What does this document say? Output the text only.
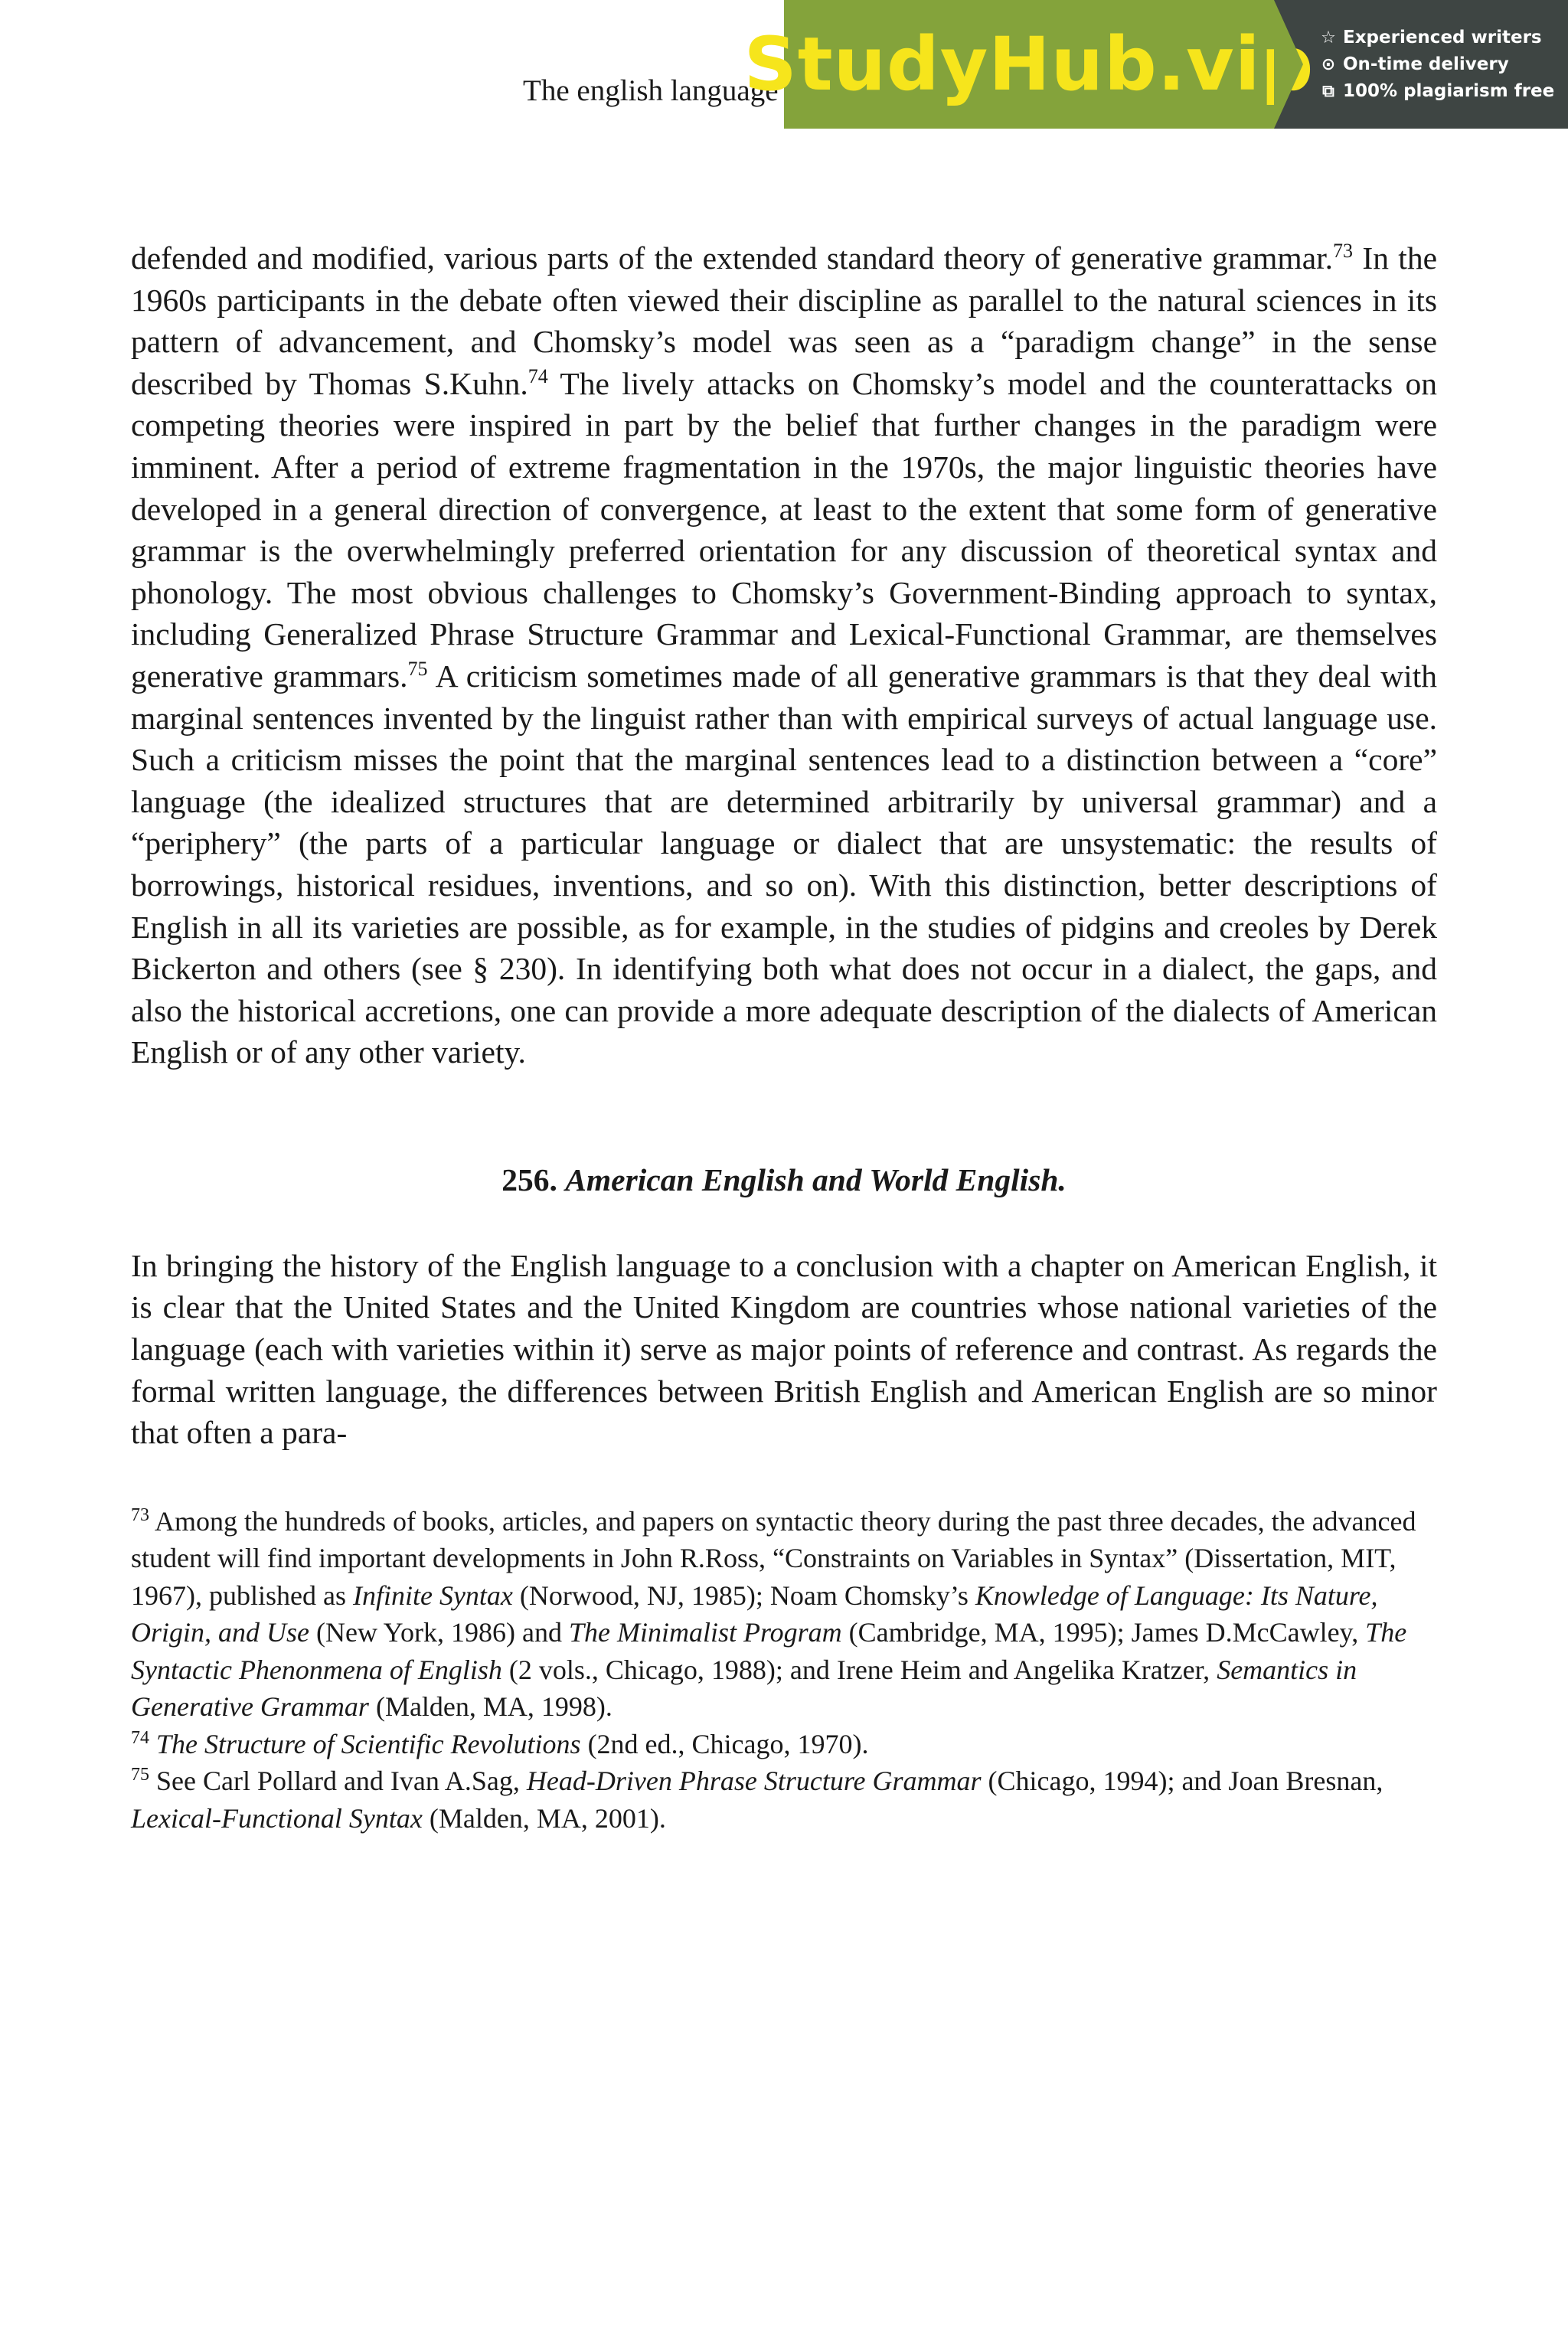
The english language
StudyHub.vip ☆ Experienced writers
⊙ On-time delivery
⧉ 100% plagiarism free

defended and modified, various parts of the extended standard theory of generative grammar.$^{73}$ In the 1960s participants in the debate often viewed their discipline as parallel to the natural sciences in its pattern of advancement, and Chomsky’s model was seen as a “paradigm change” in the sense described by Thomas S.Kuhn.$^{74}$ The lively attacks on Chomsky’s model and the counterattacks on competing theories were inspired in part by the belief that further changes in the paradigm were imminent. After a period of extreme fragmentation in the 1970s, the major linguistic theories have developed in a general direction of convergence, at least to the extent that some form of generative grammar is the overwhelmingly preferred orientation for any discussion of theoretical syntax and phonology. The most obvious challenges to Chomsky’s Government-Binding approach to syntax, including Generalized Phrase Structure Grammar and Lexical-Functional Grammar, are themselves generative grammars.$^{75}$ A criticism sometimes made of all generative grammars is that they deal with marginal sentences invented by the linguist rather than with empirical surveys of actual language use. Such a criticism misses the point that the marginal sentences lead to a distinction between a “core” language (the idealized structures that are determined arbitrarily by universal grammar) and a “periphery” (the parts of a particular language or dialect that are unsystematic: the results of borrowings, historical residues, inventions, and so on). With this distinction, better descriptions of English in all its varieties are possible, as for example, in the studies of pidgins and creoles by Derek Bickerton and others (see § 230). In identifying both what does not occur in a dialect, the gaps, and also the historical accretions, one can provide a more adequate description of the dialects of American English or of any other variety.

256. American English and World English.

In bringing the history of the English language to a conclusion with a chapter on American English, it is clear that the United States and the United Kingdom are countries whose national varieties of the language (each with varieties within it) serve as major points of reference and contrast. As regards the formal written language, the differences between British English and American English are so minor that often a para-

$^{73}$ Among the hundreds of books, articles, and papers on syntactic theory during the past three decades, the advanced student will find important developments in John R.Ross, “Constraints on Variables in Syntax” (Dissertation, MIT, 1967), published as Infinite Syntax (Norwood, NJ, 1985); Noam Chomsky’s Knowledge of Language: Its Nature, Origin, and Use (New York, 1986) and The Minimalist Program (Cambridge, MA, 1995); James D.McCawley, The Syntactic Phenonmena of English (2 vols., Chicago, 1988); and Irene Heim and Angelika Kratzer, Semantics in Generative Grammar (Malden, MA, 1998).

$^{74}$ The Structure of Scientific Revolutions (2nd ed., Chicago, 1970).

$^{75}$ See Carl Pollard and Ivan A.Sag, Head-Driven Phrase Structure Grammar (Chicago, 1994); and Joan Bresnan, Lexical-Functional Syntax (Malden, MA, 2001).
